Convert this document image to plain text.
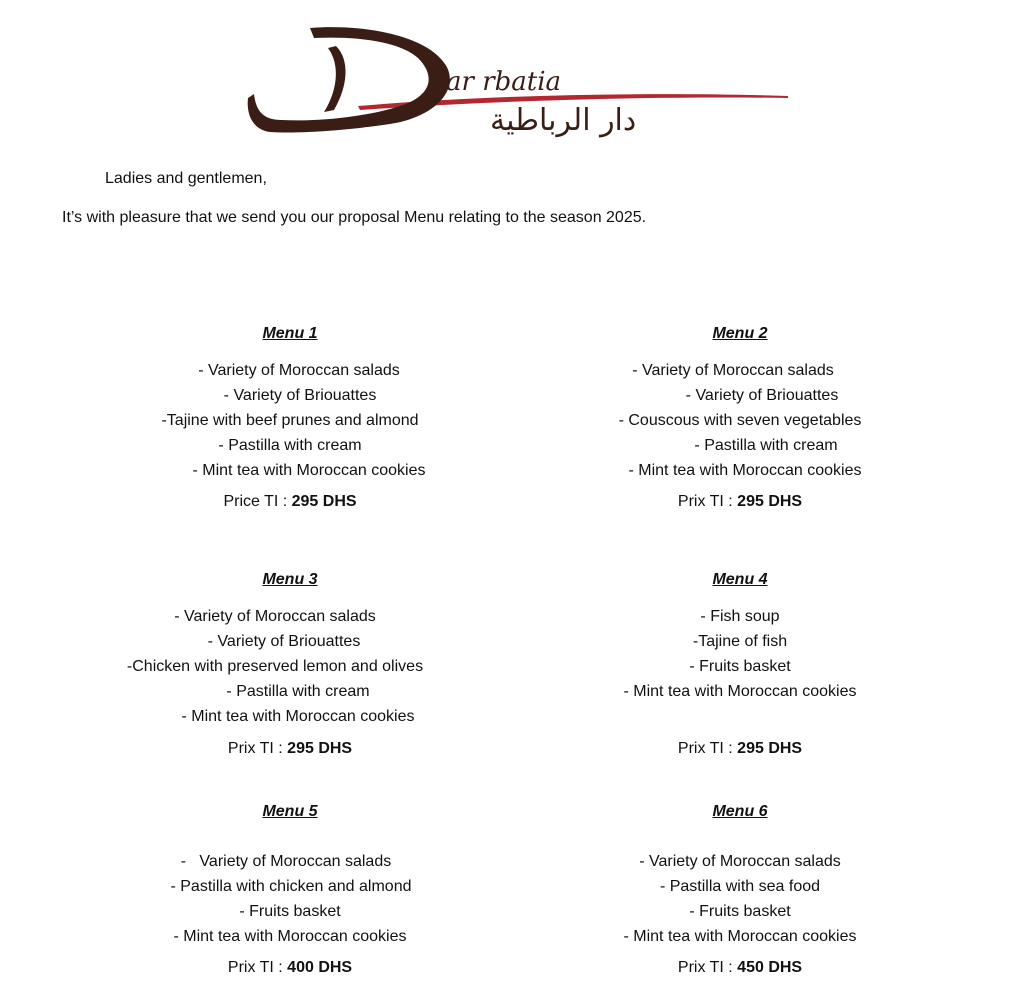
ar rbatia
دار الرباطية

Ladies and gentlemen,

It’s with pleasure that we send you our proposal Menu relating to the season 2025.

Menu 1

- Variety of Moroccan salads
- Variety of Briouattes
-Tajine with beef prunes and almond
- Pastilla with cream
- Mint tea with Moroccan cookies

Price TI : 295 DHS

Menu 2

- Variety of Moroccan salads
- Variety of Briouattes
- Couscous with seven vegetables
- Pastilla with cream
- Mint tea with Moroccan cookies

Prix TI : 295 DHS

Menu 3

- Variety of Moroccan salads
- Variety of Briouattes
-Chicken with preserved lemon and olives
- Pastilla with cream
- Mint tea with Moroccan cookies

Prix TI : 295 DHS

Menu 4

- Fish soup
-Tajine of fish
- Fruits basket
- Mint tea with Moroccan cookies

Prix TI : 295 DHS

Menu 5

-   Variety of Moroccan salads
- Pastilla with chicken and almond
- Fruits basket
- Mint tea with Moroccan cookies

Prix TI : 400 DHS

Menu 6

- Variety of Moroccan salads
- Pastilla with sea food
- Fruits basket
- Mint tea with Moroccan cookies

Prix TI : 450 DHS
